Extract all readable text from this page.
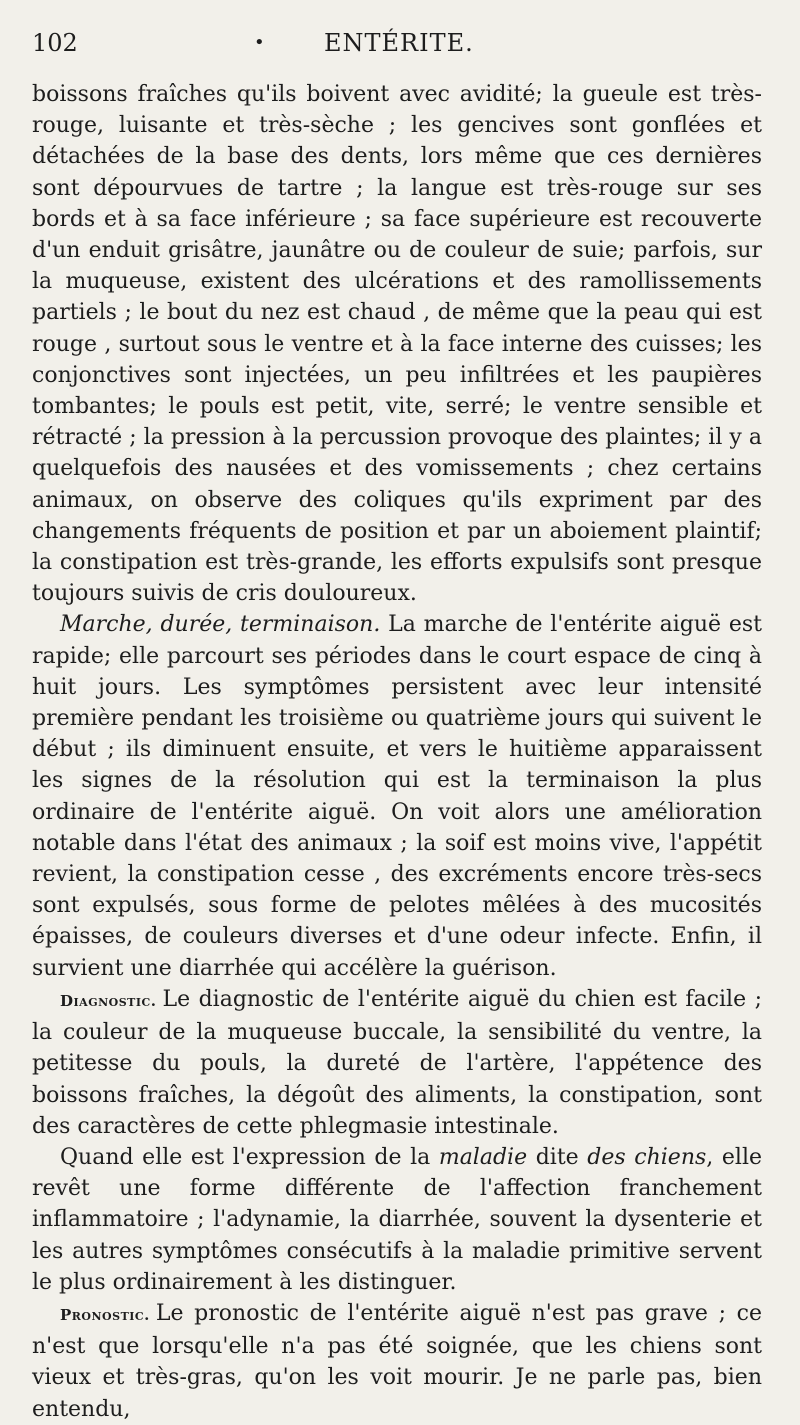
102	• ENTÉRITE.

boissons fraîches qu'ils boivent avec avidité; la gueule est très-rouge, luisante et très-sèche ; les gencives sont gonflées et détachées de la base des dents, lors même que ces dernières sont dépourvues de tartre ; la langue est très-rouge sur ses bords et à sa face inférieure ; sa face supérieure est recouverte d'un enduit grisâtre, jaunâtre ou de couleur de suie; parfois, sur la muqueuse, existent des ulcérations et des ramollissements partiels ; le bout du nez est chaud , de même que la peau qui est rouge , surtout sous le ventre et à la face interne des cuisses; les conjonctives sont injectées, un peu infiltrées et les paupières tombantes; le pouls est petit, vite, serré; le ventre sensible et rétracté ; la pression à la percussion provoque des plaintes; il y a quelquefois des nausées et des vomissements ; chez certains animaux, on observe des coliques qu'ils expriment par des changements fréquents de position et par un aboiement plaintif; la constipation est très-grande, les efforts expulsifs sont presque toujours suivis de cris douloureux.

Marche, durée, terminaison. La marche de l'entérite aiguë est rapide; elle parcourt ses périodes dans le court espace de cinq à huit jours. Les symptômes persistent avec leur intensité première pendant les troisième ou quatrième jours qui suivent le début ; ils diminuent ensuite, et vers le huitième apparaissent les signes de la résolution qui est la terminaison la plus ordinaire de l'entérite aiguë. On voit alors une amélioration notable dans l'état des animaux ; la soif est moins vive, l'appétit revient, la constipation cesse , des excréments encore très-secs sont expulsés, sous forme de pelotes mêlées à des mucosités épaisses, de couleurs diverses et d'une odeur infecte. Enfin, il survient une diarrhée qui accélère la guérison.

Diagnostic. Le diagnostic de l'entérite aiguë du chien est facile ; la couleur de la muqueuse buccale, la sensibilité du ventre, la petitesse du pouls, la dureté de l'artère, l'appétence des boissons fraîches, la dégoût des aliments, la constipation, sont des caractères de cette phlegmasie intestinale.

Quand elle est l'expression de la maladie dite des chiens, elle revêt une forme différente de l'affection franchement inflammatoire ; l'adynamie, la diarrhée, souvent la dysenterie et les autres symptômes consécutifs à la maladie primitive servent le plus ordinairement à les distinguer.

Pronostic. Le pronostic de l'entérite aiguë n'est pas grave ; ce n'est que lorsqu'elle n'a pas été soignée, que les chiens sont vieux et très-gras, qu'on les voit mourir. Je ne parle pas, bien entendu,
